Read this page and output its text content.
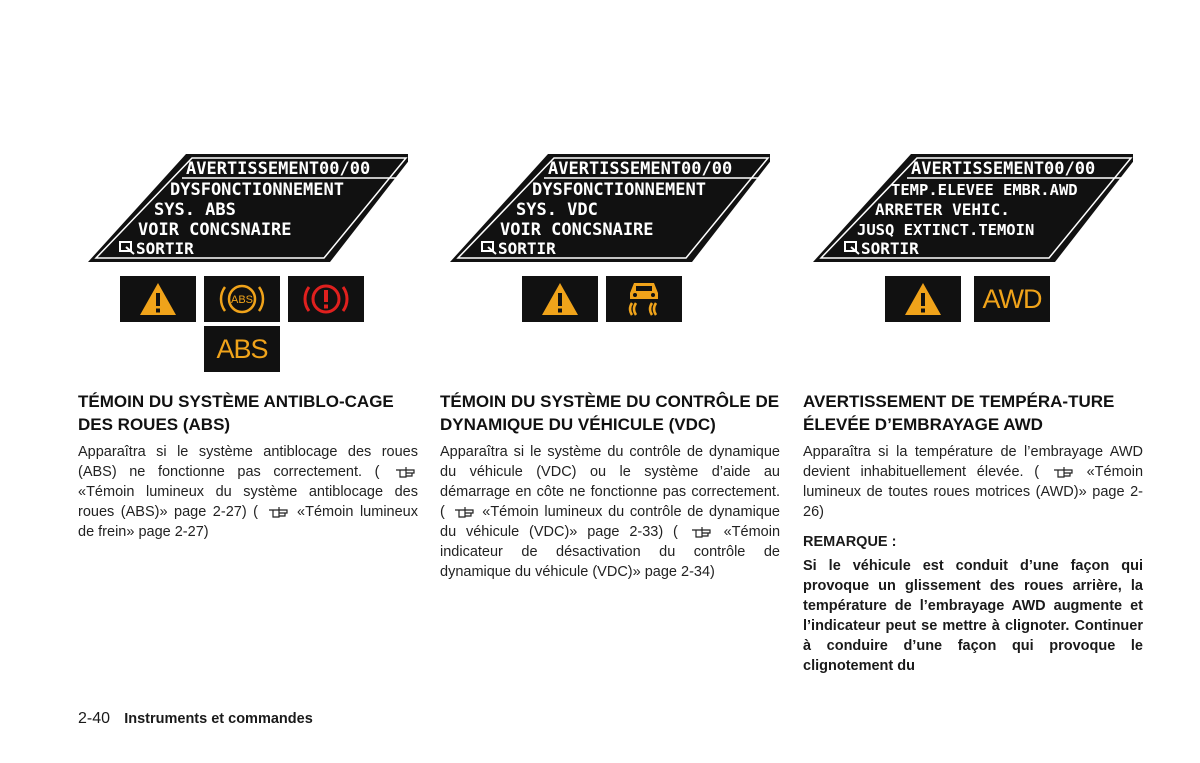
AVERTISSEMENT00/00
DYSFONCTIONNEMENT
SYS. ABS
VOIR CONCSNAIRE
SORTIR
ABS
ABS
TÉMOIN DU SYSTÈME ANTIBLO-CAGE DES ROUES (ABS)

Apparaîtra si le système antiblocage des roues (ABS) ne fonctionne pas correctement. (  «Témoin lumineux du système antiblocage des roues (ABS)» page 2-27) (	«Témoin lumineux de frein» page 2-27)

AVERTISSEMENT00/00
DYSFONCTIONNEMENT
SYS. VDC
VOIR CONCSNAIRE
SORTIR
TÉMOIN DU SYSTÈME DU CONTRÔLE DE DYNAMIQUE DU VÉHICULE (VDC)

Apparaîtra si le système du contrôle de dynamique du véhicule (VDC) ou le système d’aide au démarrage en côte ne fonctionne pas correctement. (	«Témoin lumineux du contrôle de dynamique du véhicule (VDC)» page 2-33) (	«Témoin indicateur de désactivation du contrôle de dynamique du véhicule (VDC)» page 2-34)

AVERTISSEMENT00/00
TEMP.ELEVEE EMBR.AWD
ARRETER VEHIC.
JUSQ EXTINCT.TEMOIN
SORTIR
AWD
AVERTISSEMENT DE TEMPÉRA-TURE ÉLEVÉE D’EMBRAYAGE AWD

Apparaîtra si la température de l’embrayage AWD devient inhabituellement élevée. (	«Témoin lumineux de toutes roues motrices (AWD)» page 2-26)

REMARQUE :

Si le véhicule est conduit d’une façon qui provoque un glissement des roues arrière, la température de l’embrayage AWD augmente et l’indicateur peut se mettre à clignoter. Continuer à conduire d’une façon qui provoque le clignotement du

2-40 Instruments et commandes
